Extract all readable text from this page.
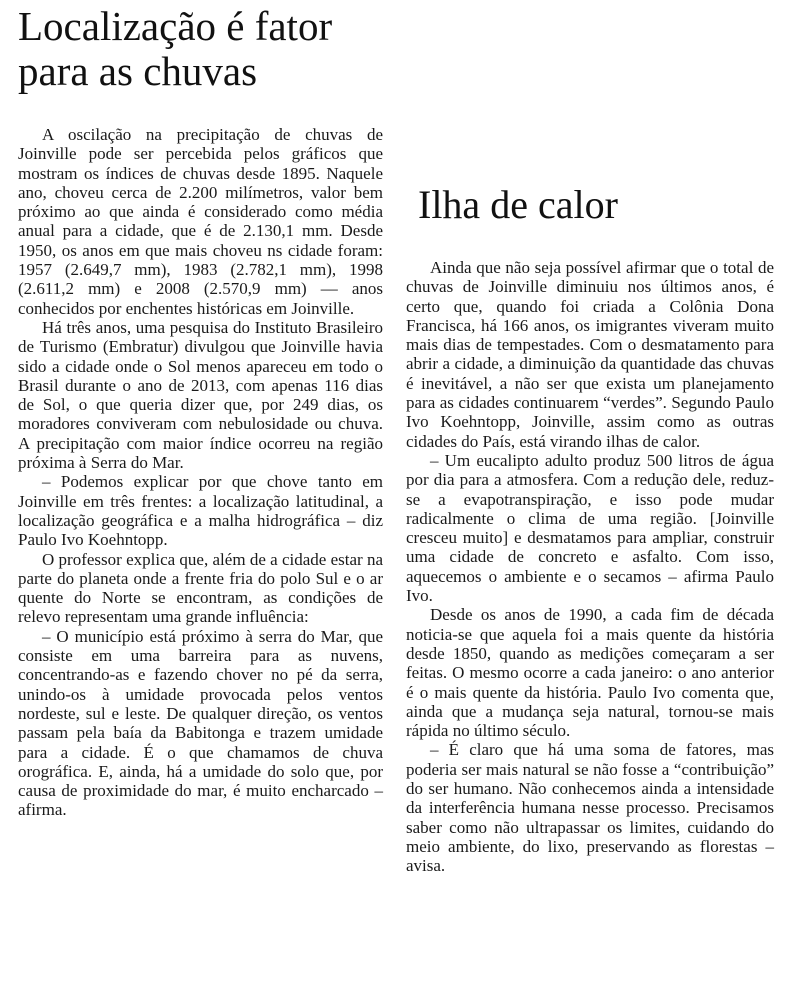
Localização é fator para as chuvas

A oscilação na precipitação de chuvas de Joinville pode ser percebida pelos gráficos que mostram os índices de chuvas desde 1895. Naquele ano, choveu cerca de 2.200 milímetros, valor bem próximo ao que ainda é considerado como média anual para a cidade, que é de 2.130,1 mm. Desde 1950, os anos em que mais choveu ns cidade foram: 1957 (2.649,7 mm), 1983 (2.782,1 mm), 1998 (2.611,2 mm) e 2008 (2.570,9 mm) — anos conhecidos por enchentes históricas em Joinville.

Há três anos, uma pesquisa do Instituto Brasileiro de Turismo (Embratur) divulgou que Joinville havia sido a cidade onde o Sol menos apareceu em todo o Brasil durante o ano de 2013, com apenas 116 dias de Sol, o que queria dizer que, por 249 dias, os moradores conviveram com nebulosidade ou chuva. A precipitação com maior índice ocorreu na região próxima à Serra do Mar.

– Podemos explicar por que chove tanto em Joinville em três frentes: a localização latitudinal, a localização geográfica e a malha hidrográfica – diz Paulo Ivo Koehntopp.

O professor explica que, além de a cidade estar na parte do planeta onde a frente fria do polo Sul e o ar quente do Norte se encontram, as condições de relevo representam uma grande influência:

– O município está próximo à serra do Mar, que consiste em uma barreira para as nuvens, concentrando-as e fazendo chover no pé da serra, unindo-os à umidade provocada pelos ventos nordeste, sul e leste. De qualquer direção, os ventos passam pela baía da Babitonga e trazem umidade para a cidade. É o que chamamos de chuva orográfica. E, ainda, há a umidade do solo que, por causa de proximidade do mar, é muito encharcado – afirma.

Ilha de calor

Ainda que não seja possível afirmar que o total de chuvas de Joinville diminuiu nos últimos anos, é certo que, quando foi criada a Colônia Dona Francisca, há 166 anos, os imigrantes viveram muito mais dias de tempestades. Com o desmatamento para abrir a cidade, a diminuição da quantidade das chuvas é inevitável, a não ser que exista um planejamento para as cidades continuarem “verdes”. Segundo Paulo Ivo Koehntopp, Joinville, assim como as outras cidades do País, está virando ilhas de calor.

– Um eucalipto adulto produz 500 litros de água por dia para a atmosfera. Com a redução dele, reduz-se a evapotranspiração, e isso pode mudar radicalmente o clima de uma região. [Joinville cresceu muito] e desmatamos para ampliar, construir uma cidade de concreto e asfalto. Com isso, aquecemos o ambiente e o secamos – afirma Paulo Ivo.

Desde os anos de 1990, a cada fim de década noticia-se que aquela foi a mais quente da história desde 1850, quando as medições começaram a ser feitas. O mesmo ocorre a cada janeiro: o ano anterior é o mais quente da história. Paulo Ivo comenta que, ainda que a mudança seja natural, tornou-se mais rápida no último século.

– É claro que há uma soma de fatores, mas poderia ser mais natural se não fosse a “contribuição” do ser humano. Não conhecemos ainda a intensidade da interferência humana nesse processo. Precisamos saber como não ultrapassar os limites, cuidando do meio ambiente, do lixo, preservando as florestas – avisa.
